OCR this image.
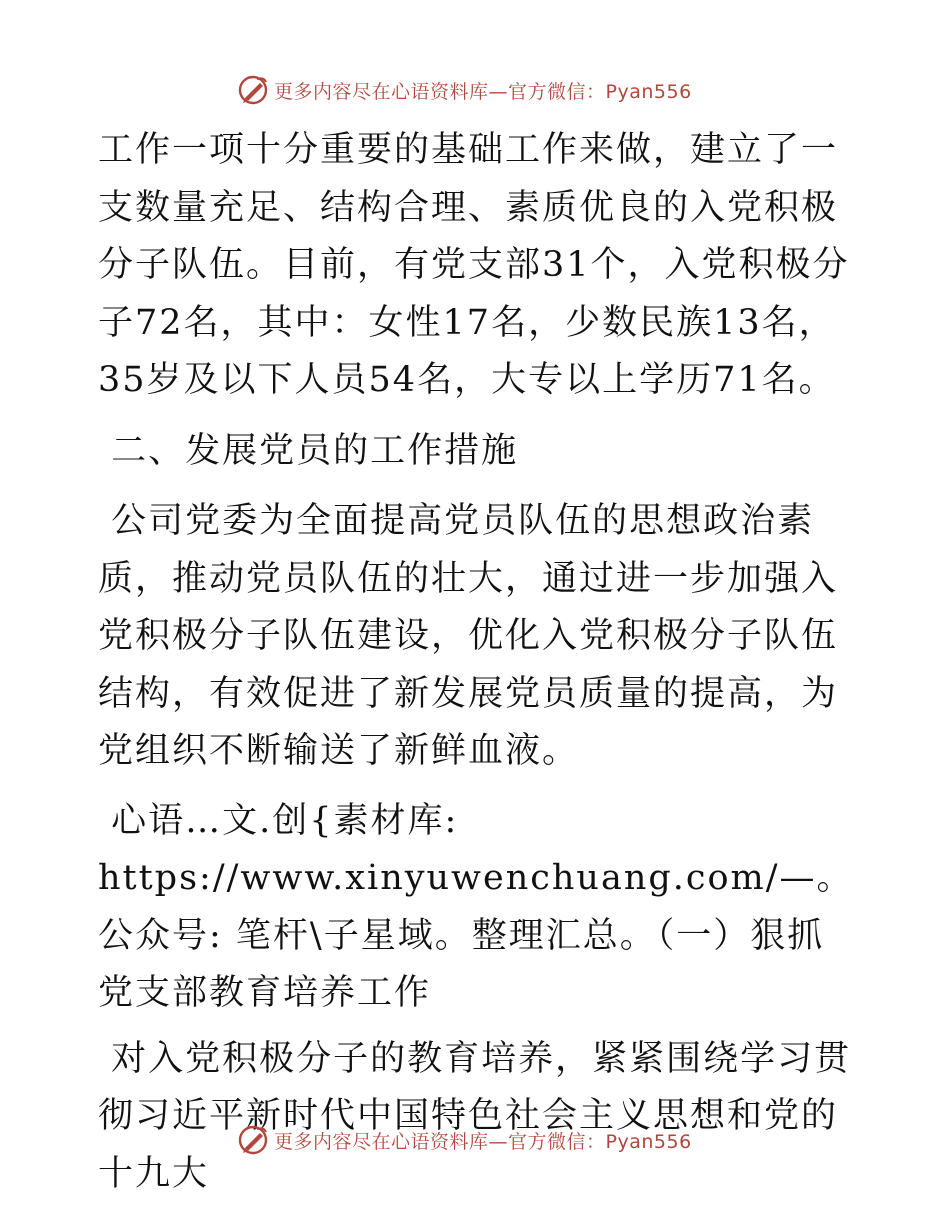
更多内容尽在心语资料库—官方微信：Pyan556

工作一项十分重要的基础工作来做，建立了一支数量充足、结构合理、素质优良的入党积极分子队伍。目前，有党支部31个，入党积极分子72名，其中：女性17名，少数民族13名，35岁及以下人员54名，大专以上学历71名。

二、发展党员的工作措施

公司党委为全面提高党员队伍的思想政治素质，推动党员队伍的壮大，通过进一步加强入党积极分子队伍建设，优化入党积极分子队伍结构，有效促进了新发展党员质量的提高，为党组织不断输送了新鲜血液。

心语…文.创{素材库: https://www.xinyuwenchuang.com/—。公众号: 笔杆\子星域。整理汇总。（一）狠抓党支部教育培养工作

对入党积极分子的教育培养，紧紧围绕学习贯彻习近平新时代中国特色社会主义思想和党的十九大

更多内容尽在心语资料库—官方微信：Pyan556
